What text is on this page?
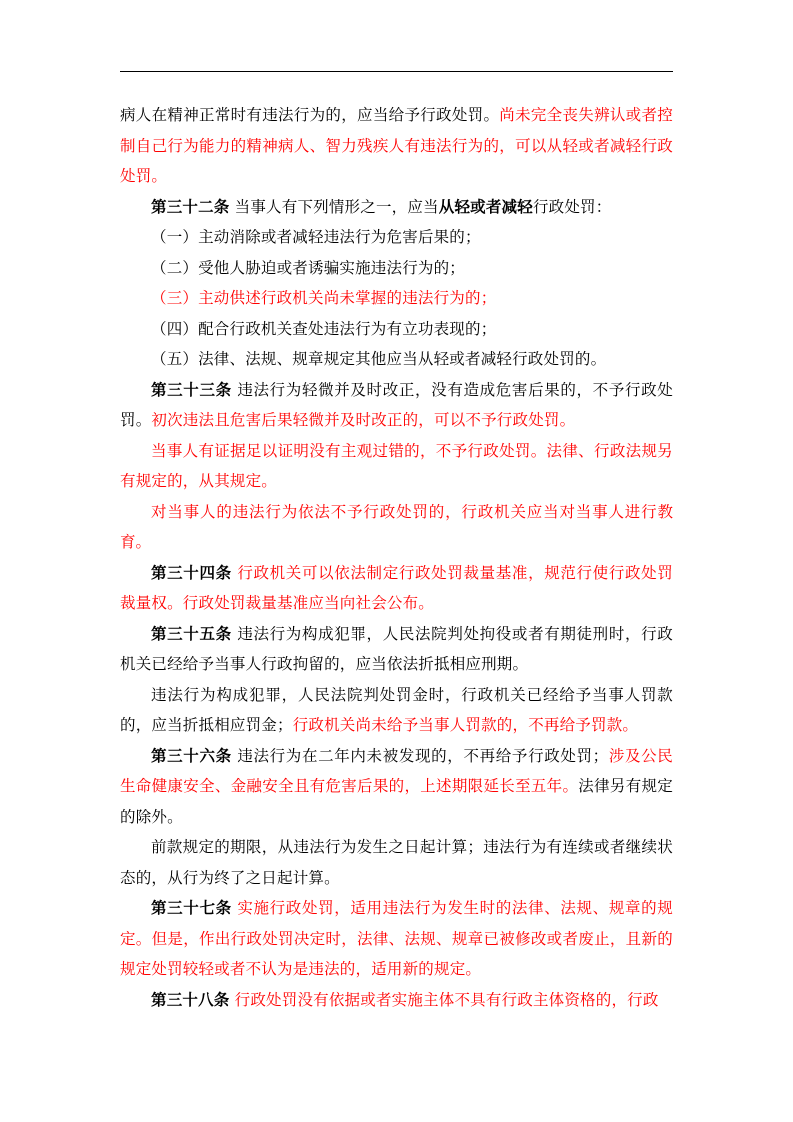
病人在精神正常时有违法行为的，应当给予行政处罚。尚未完全丧失辨认或者控制自己行为能力的精神病人、智力残疾人有违法行为的，可以从轻或者减轻行政处罚。

第三十二条 当事人有下列情形之一，应当从轻或者减轻行政处罚：

（一）主动消除或者减轻违法行为危害后果的；

（二）受他人胁迫或者诱骗实施违法行为的；

（三）主动供述行政机关尚未掌握的违法行为的；

（四）配合行政机关查处违法行为有立功表现的；

（五）法律、法规、规章规定其他应当从轻或者减轻行政处罚的。

第三十三条 违法行为轻微并及时改正，没有造成危害后果的，不予行政处罚。初次违法且危害后果轻微并及时改正的，可以不予行政处罚。

当事人有证据足以证明没有主观过错的，不予行政处罚。法律、行政法规另有规定的，从其规定。

对当事人的违法行为依法不予行政处罚的，行政机关应当对当事人进行教育。

第三十四条 行政机关可以依法制定行政处罚裁量基准，规范行使行政处罚裁量权。行政处罚裁量基准应当向社会公布。

第三十五条 违法行为构成犯罪，人民法院判处拘役或者有期徒刑时，行政机关已经给予当事人行政拘留的，应当依法折抵相应刑期。

违法行为构成犯罪，人民法院判处罚金时，行政机关已经给予当事人罚款的，应当折抵相应罚金；行政机关尚未给予当事人罚款的，不再给予罚款。

第三十六条 违法行为在二年内未被发现的，不再给予行政处罚；涉及公民生命健康安全、金融安全且有危害后果的，上述期限延长至五年。法律另有规定的除外。

前款规定的期限，从违法行为发生之日起计算；违法行为有连续或者继续状态的，从行为终了之日起计算。

第三十七条 实施行政处罚，适用违法行为发生时的法律、法规、规章的规定。但是，作出行政处罚决定时，法律、法规、规章已被修改或者废止，且新的规定处罚较轻或者不认为是违法的，适用新的规定。

第三十八条 行政处罚没有依据或者实施主体不具有行政主体资格的，行政
